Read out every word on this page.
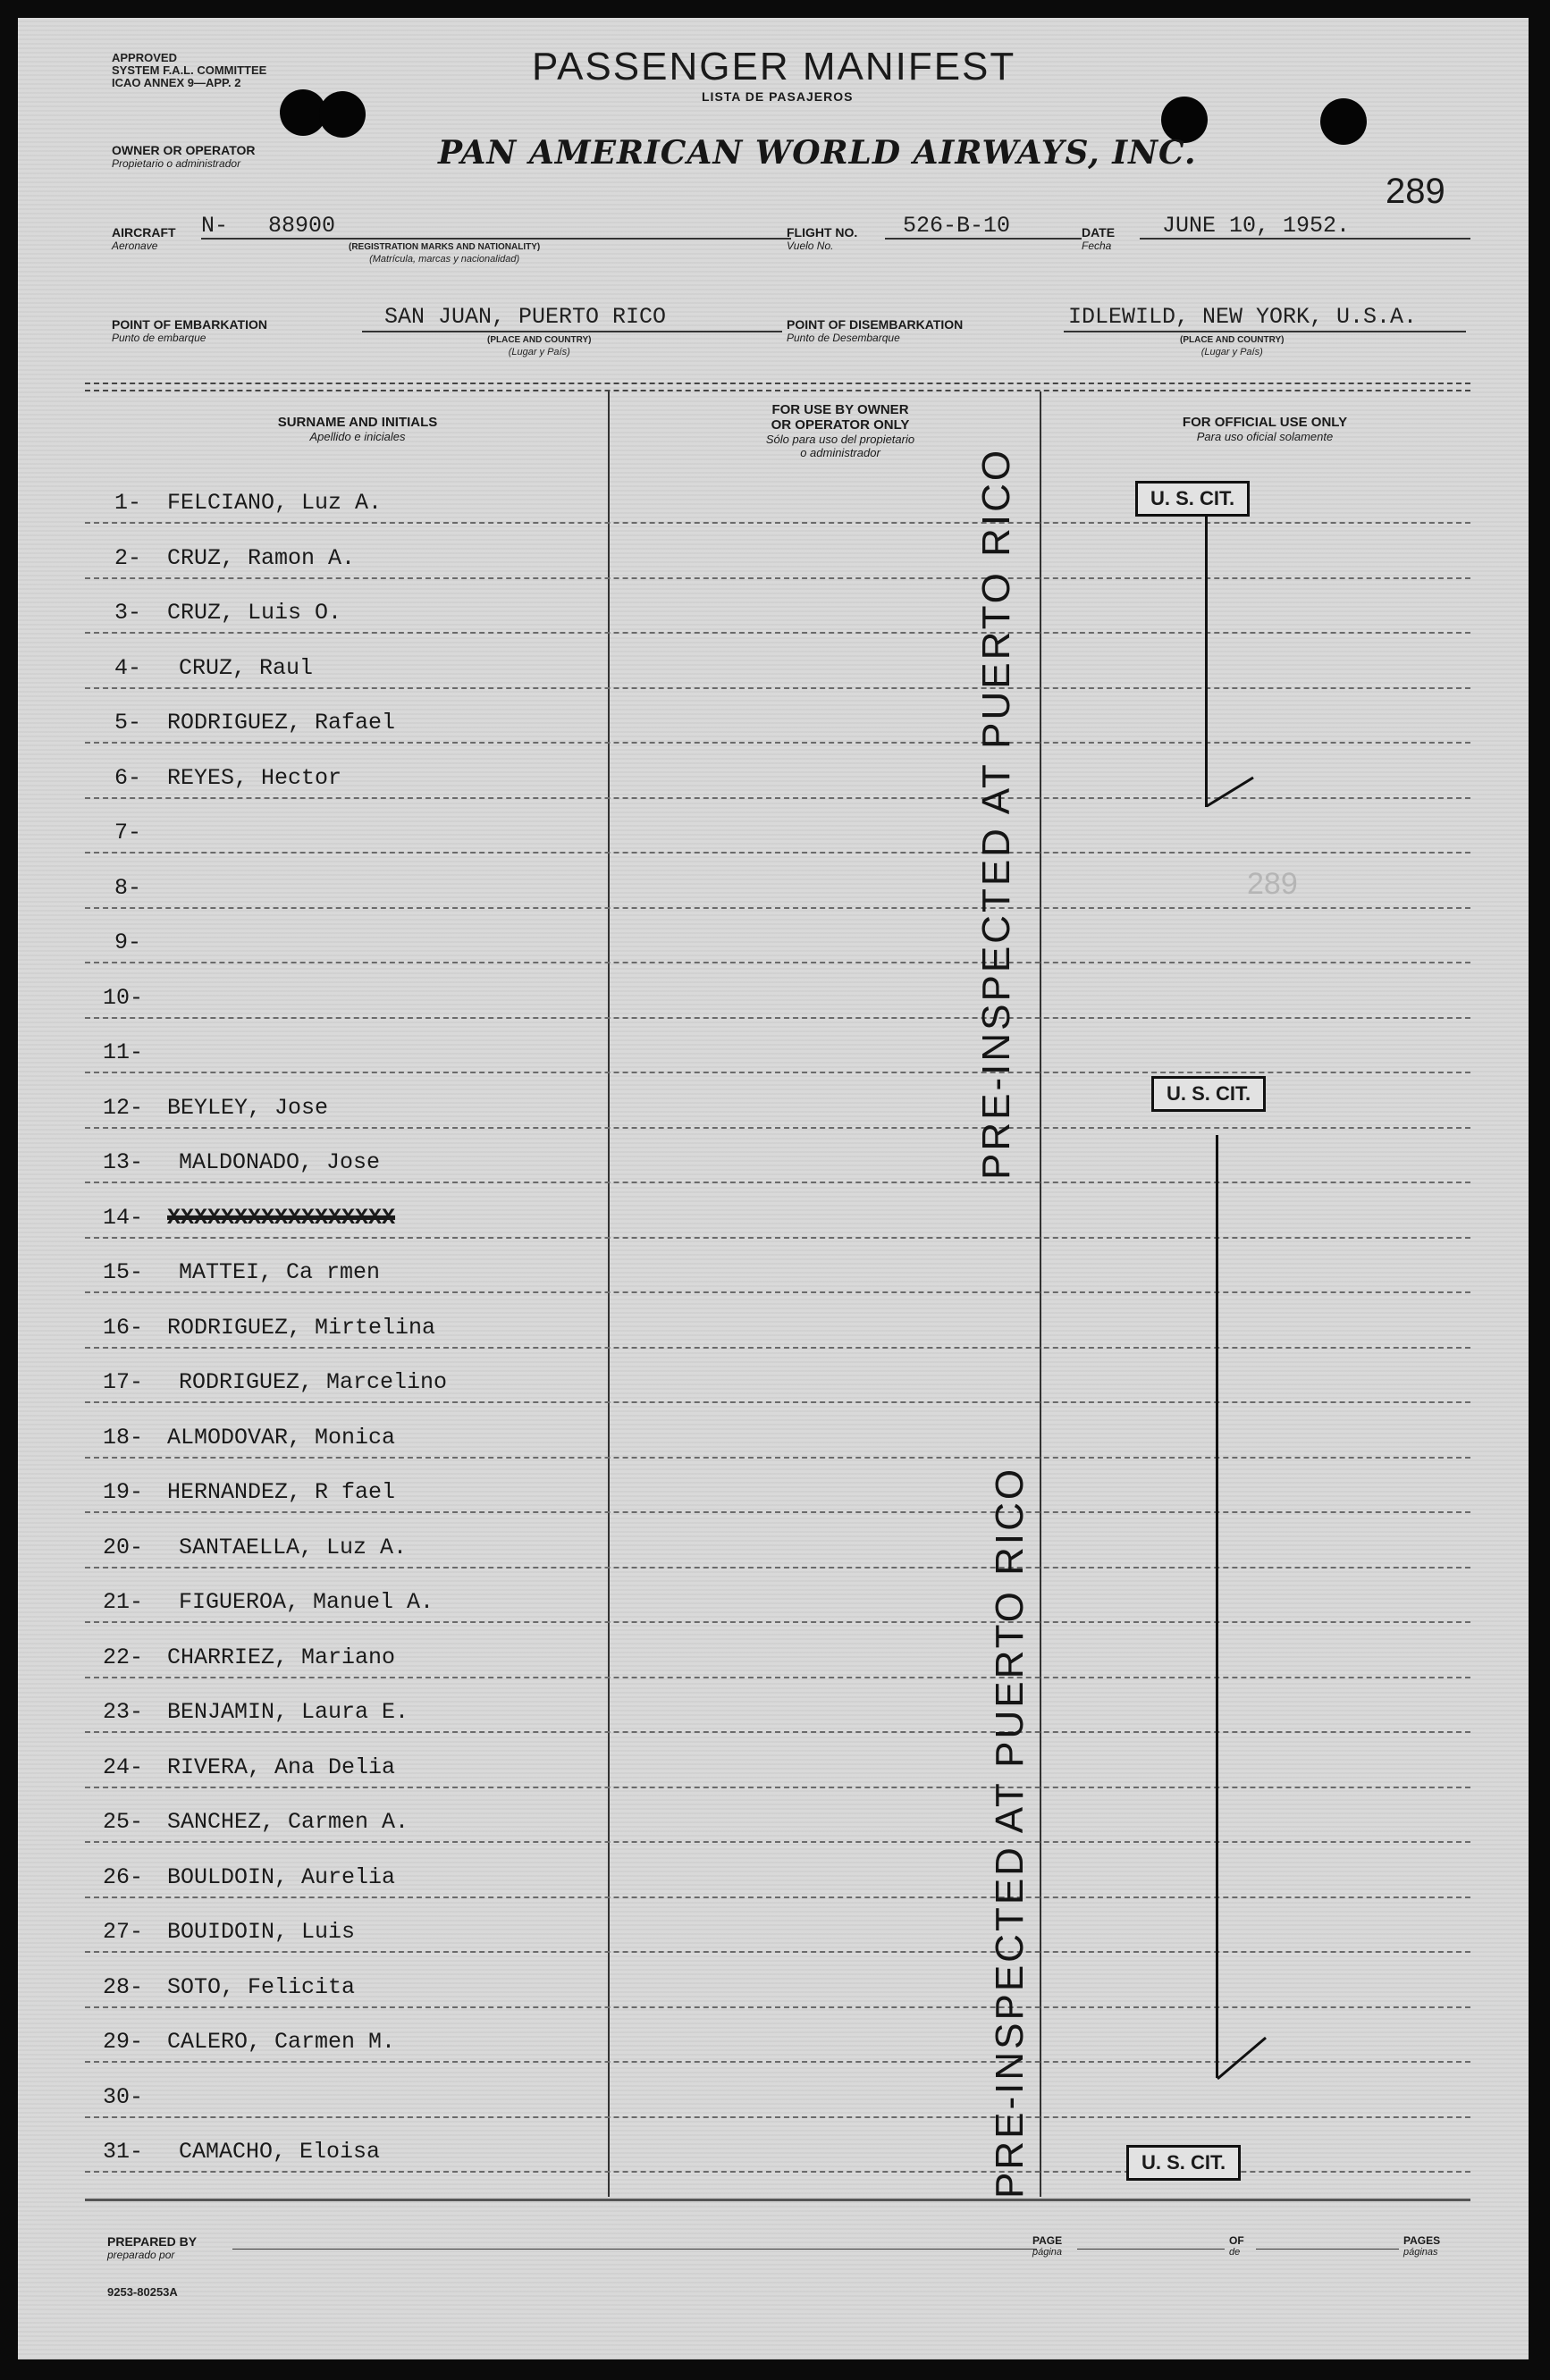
APPROVED
SYSTEM F.A.L. COMMITTEE
ICAO ANNEX 9—APP. 2	PASSENGER MANIFEST
LISTA DE PASAJEROS
OWNER OR OPERATOR
Propietario o administrador	PAN AMERICAN WORLD AIRWAYS, INC.
289
AIRCRAFT
Aeronave
N-   88900
(REGISTRATION MARKS AND NATIONALITY)
(Matrícula, marcas y nacionalidad)
FLIGHT NO.
Vuelo No.
526-B-10	DATE
Fecha
JUNE 10, 1952.
POINT OF EMBARKATION
Punto de embarque
SAN JUAN, PUERTO RICO
(PLACE AND COUNTRY)
(Lugar y País)
POINT OF DISEMBARKATION
Punto de Desembarque
IDLEWILD, NEW YORK, U.S.A.
(PLACE AND COUNTRY)
(Lugar y País)
SURNAME AND INITIALS
Apellido e iniciales
FOR USE BY OWNER
OR OPERATOR ONLY
Sólo para uso del propietario
o administrador
FOR OFFICIAL USE ONLY
Para uso oficial solamente
1- FELCIANO, Luz A.
2- CRUZ, Ramon A.
3- CRUZ, Luis O.
4- CRUZ, Raul
5- RODRIGUEZ, Rafael
6- REYES, Hector
7-
8-
9-
10-
11-
12- BEYLEY, Jose
13- MALDONADO, Jose
14- XXXXXXXXXXXXXXXXX
15- MATTEI, Ca rmen
16- RODRIGUEZ, Mirtelina
17- RODRIGUEZ, Marcelino
18- ALMODOVAR, Monica
19- HERNANDEZ, R fael
20- SANTAELLA, Luz A.
21- FIGUEROA, Manuel A.
22- CHARRIEZ, Mariano
23- BENJAMIN, Laura E.
24- RIVERA, Ana Delia
25- SANCHEZ, Carmen A.
26- BOULDOIN, Aurelia
27- BOUIDOIN, Luis
28- SOTO, Felicita
29- CALERO, Carmen M.
30-
31- CAMACHO, Eloisa
U. S. CIT.
U. S. CIT.
U. S. CIT.
289
PRE-INSPECTED AT PUERTO RICO
PRE-INSPECTED AT PUERTO RICO
PREPARED BY
preparado por
PAGE
página
OF
de
PAGES
páginas
9253-80253A
